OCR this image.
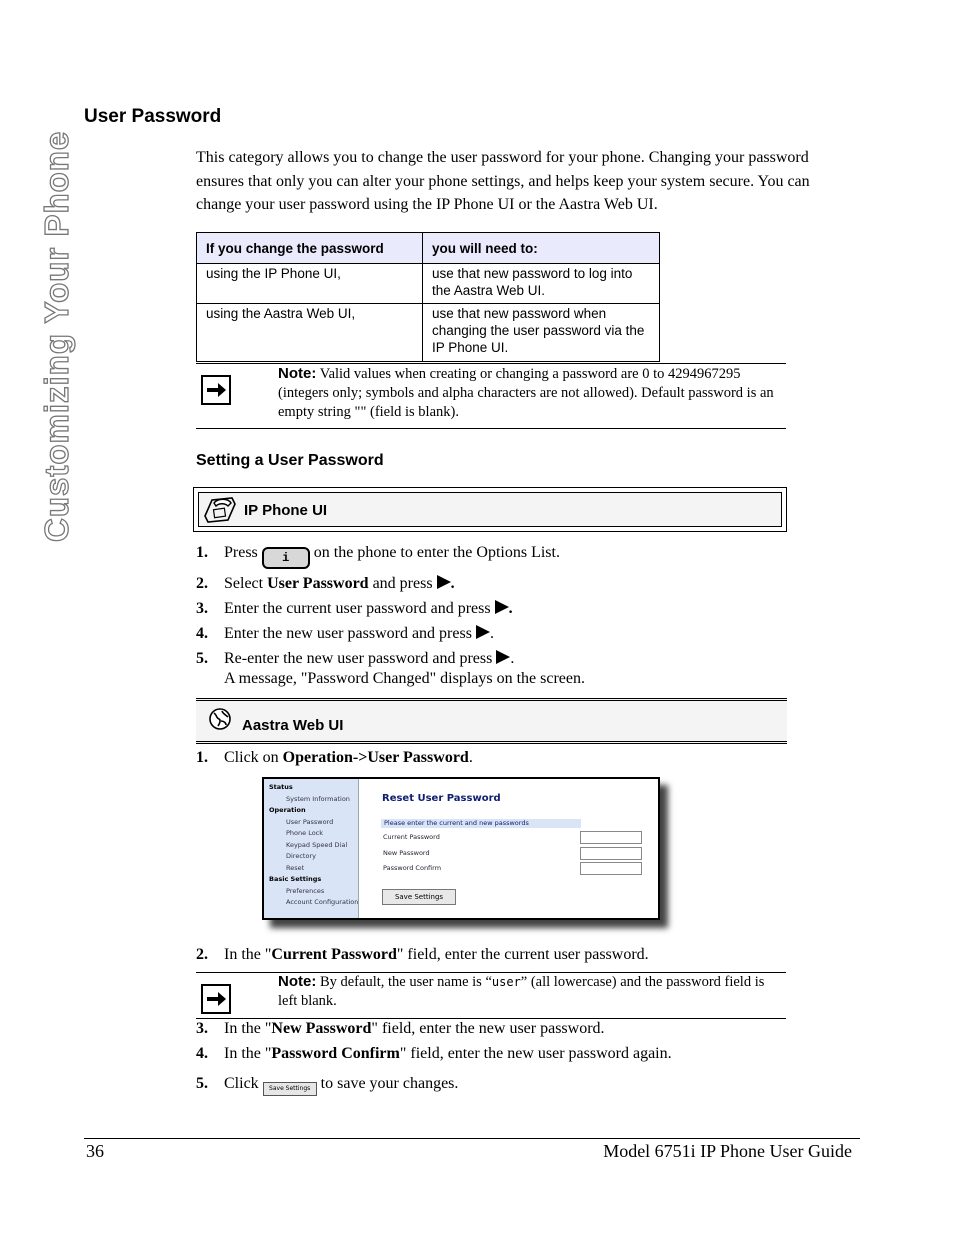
Customizing Your Phone
User Password

This category allows you to change the user password for your phone. Changing your password ensures that only you can alter your phone settings, and helps keep your system secure. You can change your user password using the IP Phone UI or the Aastra Web UI.

If you change the password	you will need to:
using the IP Phone UI,	use that new password to log into the Aastra Web UI.
using the Aastra Web UI,	use that new password when changing the user password via the IP Phone UI.
Note: Valid values when creating or changing a password are 0 to 4294967295 (integers only; symbols and alpha characters are not allowed). Default password is an empty string "" (field is blank).
Setting a User Password
IP Phone UI
1. Press i on the phone to enter the Options List.
2. Select User Password and press .
3. Enter the current user password and press .
4. Enter the new user password and press .
5. Re-enter the new user password and press .
A message, "Password Changed" displays on the screen.
Aastra Web UI
1. Click on Operation->User Password.
Status
System Information
Operation
User Password
Phone Lock
Keypad Speed Dial
Directory
Reset
Basic Settings
Preferences
Account Configuration
Reset User Password
Please enter the current and new passwords
Current Password
New Password
Password Confirm
Save Settings
2. In the "Current Password" field, enter the current user password.
Note: By default, the user name is “user” (all lowercase) and the password field is left blank.
3. In the "New Password" field, enter the new user password.
4. In the "Password Confirm" field, enter the new user password again.
5. Click Save Settings to save your changes.
36	Model 6751i IP Phone User Guide
